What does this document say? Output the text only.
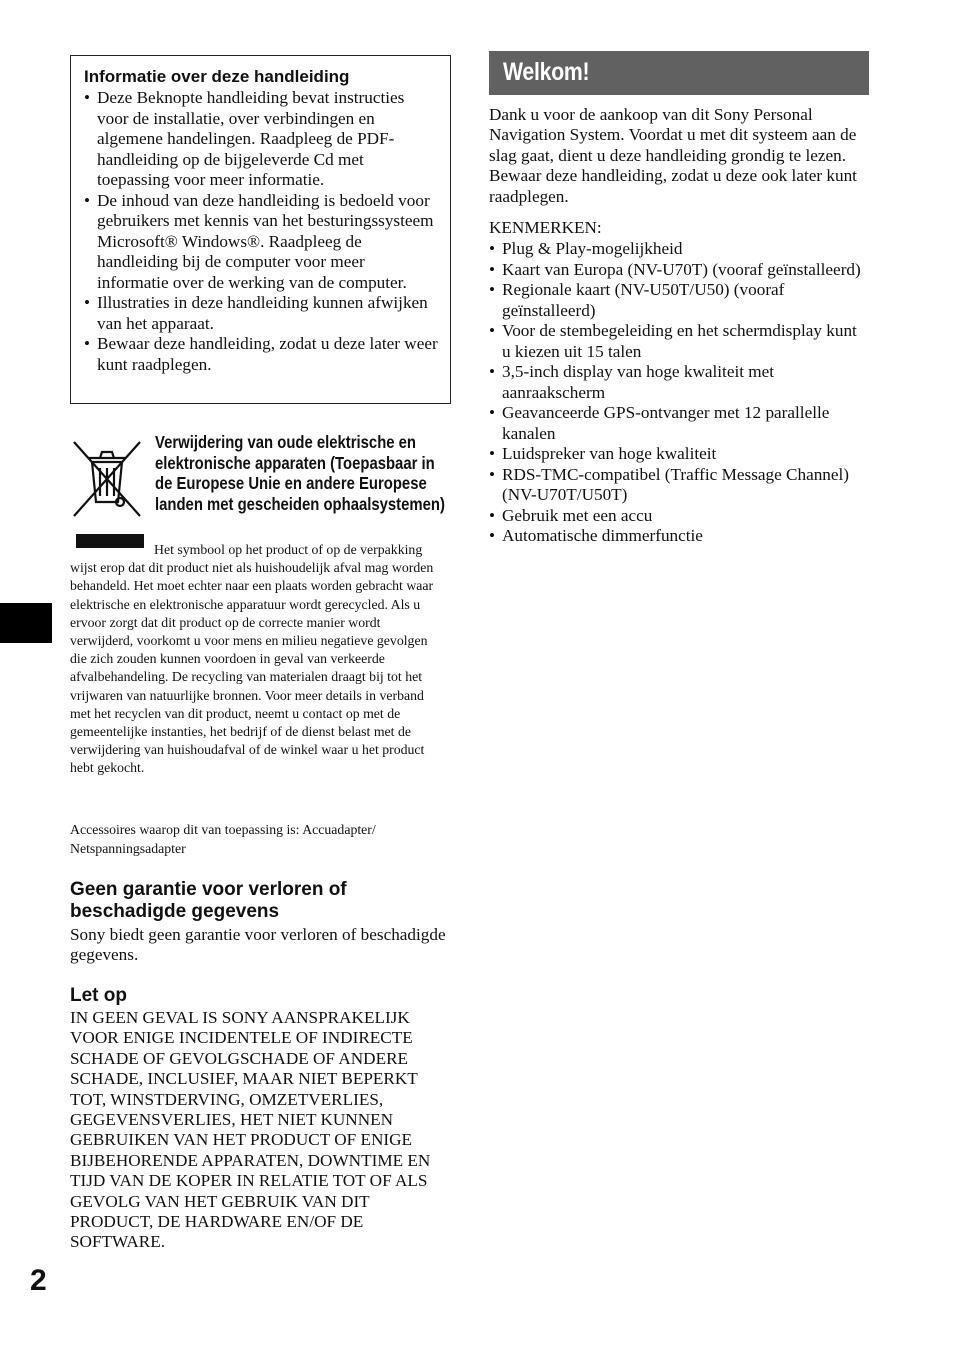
Informatie over deze handleiding
• Deze Beknopte handleiding bevat instructies voor de installatie, over verbindingen en algemene handelingen. Raadpleeg de PDF-handleiding op de bijgeleverde Cd met toepassing voor meer informatie.
• De inhoud van deze handleiding is bedoeld voor gebruikers met kennis van het besturingssysteem Microsoft® Windows®. Raadpleeg de handleiding bij de computer voor meer informatie over de werking van de computer.
• Illustraties in deze handleiding kunnen afwijken van het apparaat.
• Bewaar deze handleiding, zodat u deze later weer kunt raadplegen.
Verwijdering van oude elektrische en elektronische apparaten (Toepasbaar in de Europese Unie en andere Europese landen met gescheiden ophaalsystemen)

Het symbool op het product of op de verpakking wijst erop dat dit product niet als huishoudelijk afval mag worden behandeld. Het moet echter naar een plaats worden gebracht waar elektrische en elektronische apparatuur wordt gerecycled. Als u ervoor zorgt dat dit product op de correcte manier wordt verwijderd, voorkomt u voor mens en milieu negatieve gevolgen die zich zouden kunnen voordoen in geval van verkeerde afvalbehandeling. De recycling van materialen draagt bij tot het vrijwaren van natuurlijke bronnen. Voor meer details in verband met het recyclen van dit product, neemt u contact op met de gemeentelijke instanties, het bedrijf of de dienst belast met de verwijdering van huishoudafval of de winkel waar u het product hebt gekocht.

Accessoires waarop dit van toepassing is: Accuadapter/ Netspanningsadapter

Geen garantie voor verloren of beschadigde gegevens

Sony biedt geen garantie voor verloren of beschadigde gegevens.

Let op

IN GEEN GEVAL IS SONY AANSPRAKELIJK VOOR ENIGE INCIDENTELE OF INDIRECTE SCHADE OF GEVOLGSCHADE OF ANDERE SCHADE, INCLUSIEF, MAAR NIET BEPERKT TOT, WINSTDERVING, OMZETVERLIES, GEGEVENSVERLIES, HET NIET KUNNEN GEBRUIKEN VAN HET PRODUCT OF ENIGE BIJBEHORENDE APPARATEN, DOWNTIME EN TIJD VAN DE KOPER IN RELATIE TOT OF ALS GEVOLG VAN HET GEBRUIK VAN DIT PRODUCT, DE HARDWARE EN/OF DE SOFTWARE.

2
Welkom!

Dank u voor de aankoop van dit Sony Personal Navigation System. Voordat u met dit systeem aan de slag gaat, dient u deze handleiding grondig te lezen. Bewaar deze handleiding, zodat u deze ook later kunt raadplegen.

KENMERKEN:
• Plug & Play-mogelijkheid
• Kaart van Europa (NV-U70T) (vooraf geïnstalleerd)
• Regionale kaart (NV-U50T/U50) (vooraf geïnstalleerd)
• Voor de stembegeleiding en het schermdisplay kunt u kiezen uit 15 talen
• 3,5-inch display van hoge kwaliteit met aanraakscherm
• Geavanceerde GPS-ontvanger met 12 parallelle kanalen
• Luidspreker van hoge kwaliteit
• RDS-TMC-compatibel (Traffic Message Channel) (NV-U70T/U50T)
• Gebruik met een accu
• Automatische dimmerfunctie
